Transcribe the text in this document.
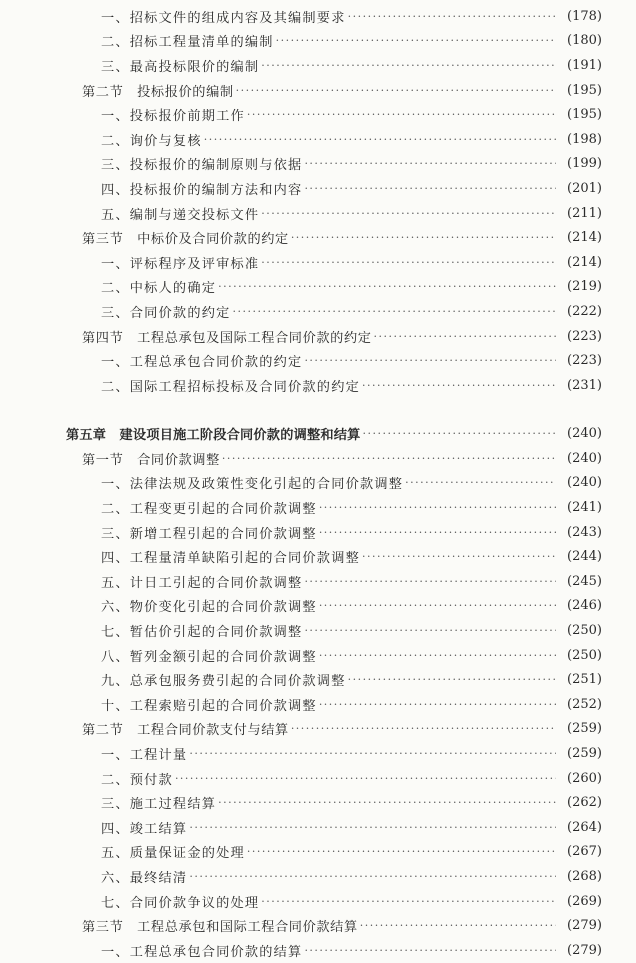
一、招标文件的组成内容及其编制要求 ·····	(178)
二、招标工程量清单的编制 ·····	(180)
三、最高投标限价的编制 ·····	(191)
第二节　投标报价的编制 ·····	(195)
一、投标报价前期工作 ·····	(195)
二、询价与复核 ·····	(198)
三、投标报价的编制原则与依据 ·····	(199)
四、投标报价的编制方法和内容 ·····	(201)
五、编制与递交投标文件 ·····	(211)
第三节　中标价及合同价款的约定 ·····	(214)
一、评标程序及评审标准 ·····	(214)
二、中标人的确定 ·····	(219)
三、合同价款的约定 ·····	(222)
第四节　工程总承包及国际工程合同价款的约定 ·····	(223)
一、工程总承包合同价款的约定 ·····	(223)
二、国际工程招标投标及合同价款的约定 ·····	(231)
第五章　建设项目施工阶段合同价款的调整和结算 ·····	(240)
第一节　合同价款调整 ·····	(240)
一、法律法规及政策性变化引起的合同价款调整 ·····	(240)
二、工程变更引起的合同价款调整 ·····	(241)
三、新增工程引起的合同价款调整 ·····	(243)
四、工程量清单缺陷引起的合同价款调整 ·····	(244)
五、计日工引起的合同价款调整 ·····	(245)
六、物价变化引起的合同价款调整 ·····	(246)
七、暂估价引起的合同价款调整 ·····	(250)
八、暂列金额引起的合同价款调整 ·····	(250)
九、总承包服务费引起的合同价款调整 ·····	(251)
十、工程索赔引起的合同价款调整 ·····	(252)
第二节　工程合同价款支付与结算 ·····	(259)
一、工程计量 ·····	(259)
二、预付款 ·····	(260)
三、施工过程结算 ·····	(262)
四、竣工结算 ·····	(264)
五、质量保证金的处理 ·····	(267)
六、最终结清 ·····	(268)
七、合同价款争议的处理 ·····	(269)
第三节　工程总承包和国际工程合同价款结算 ·····	(279)
一、工程总承包合同价款的结算 ·····	(279)
